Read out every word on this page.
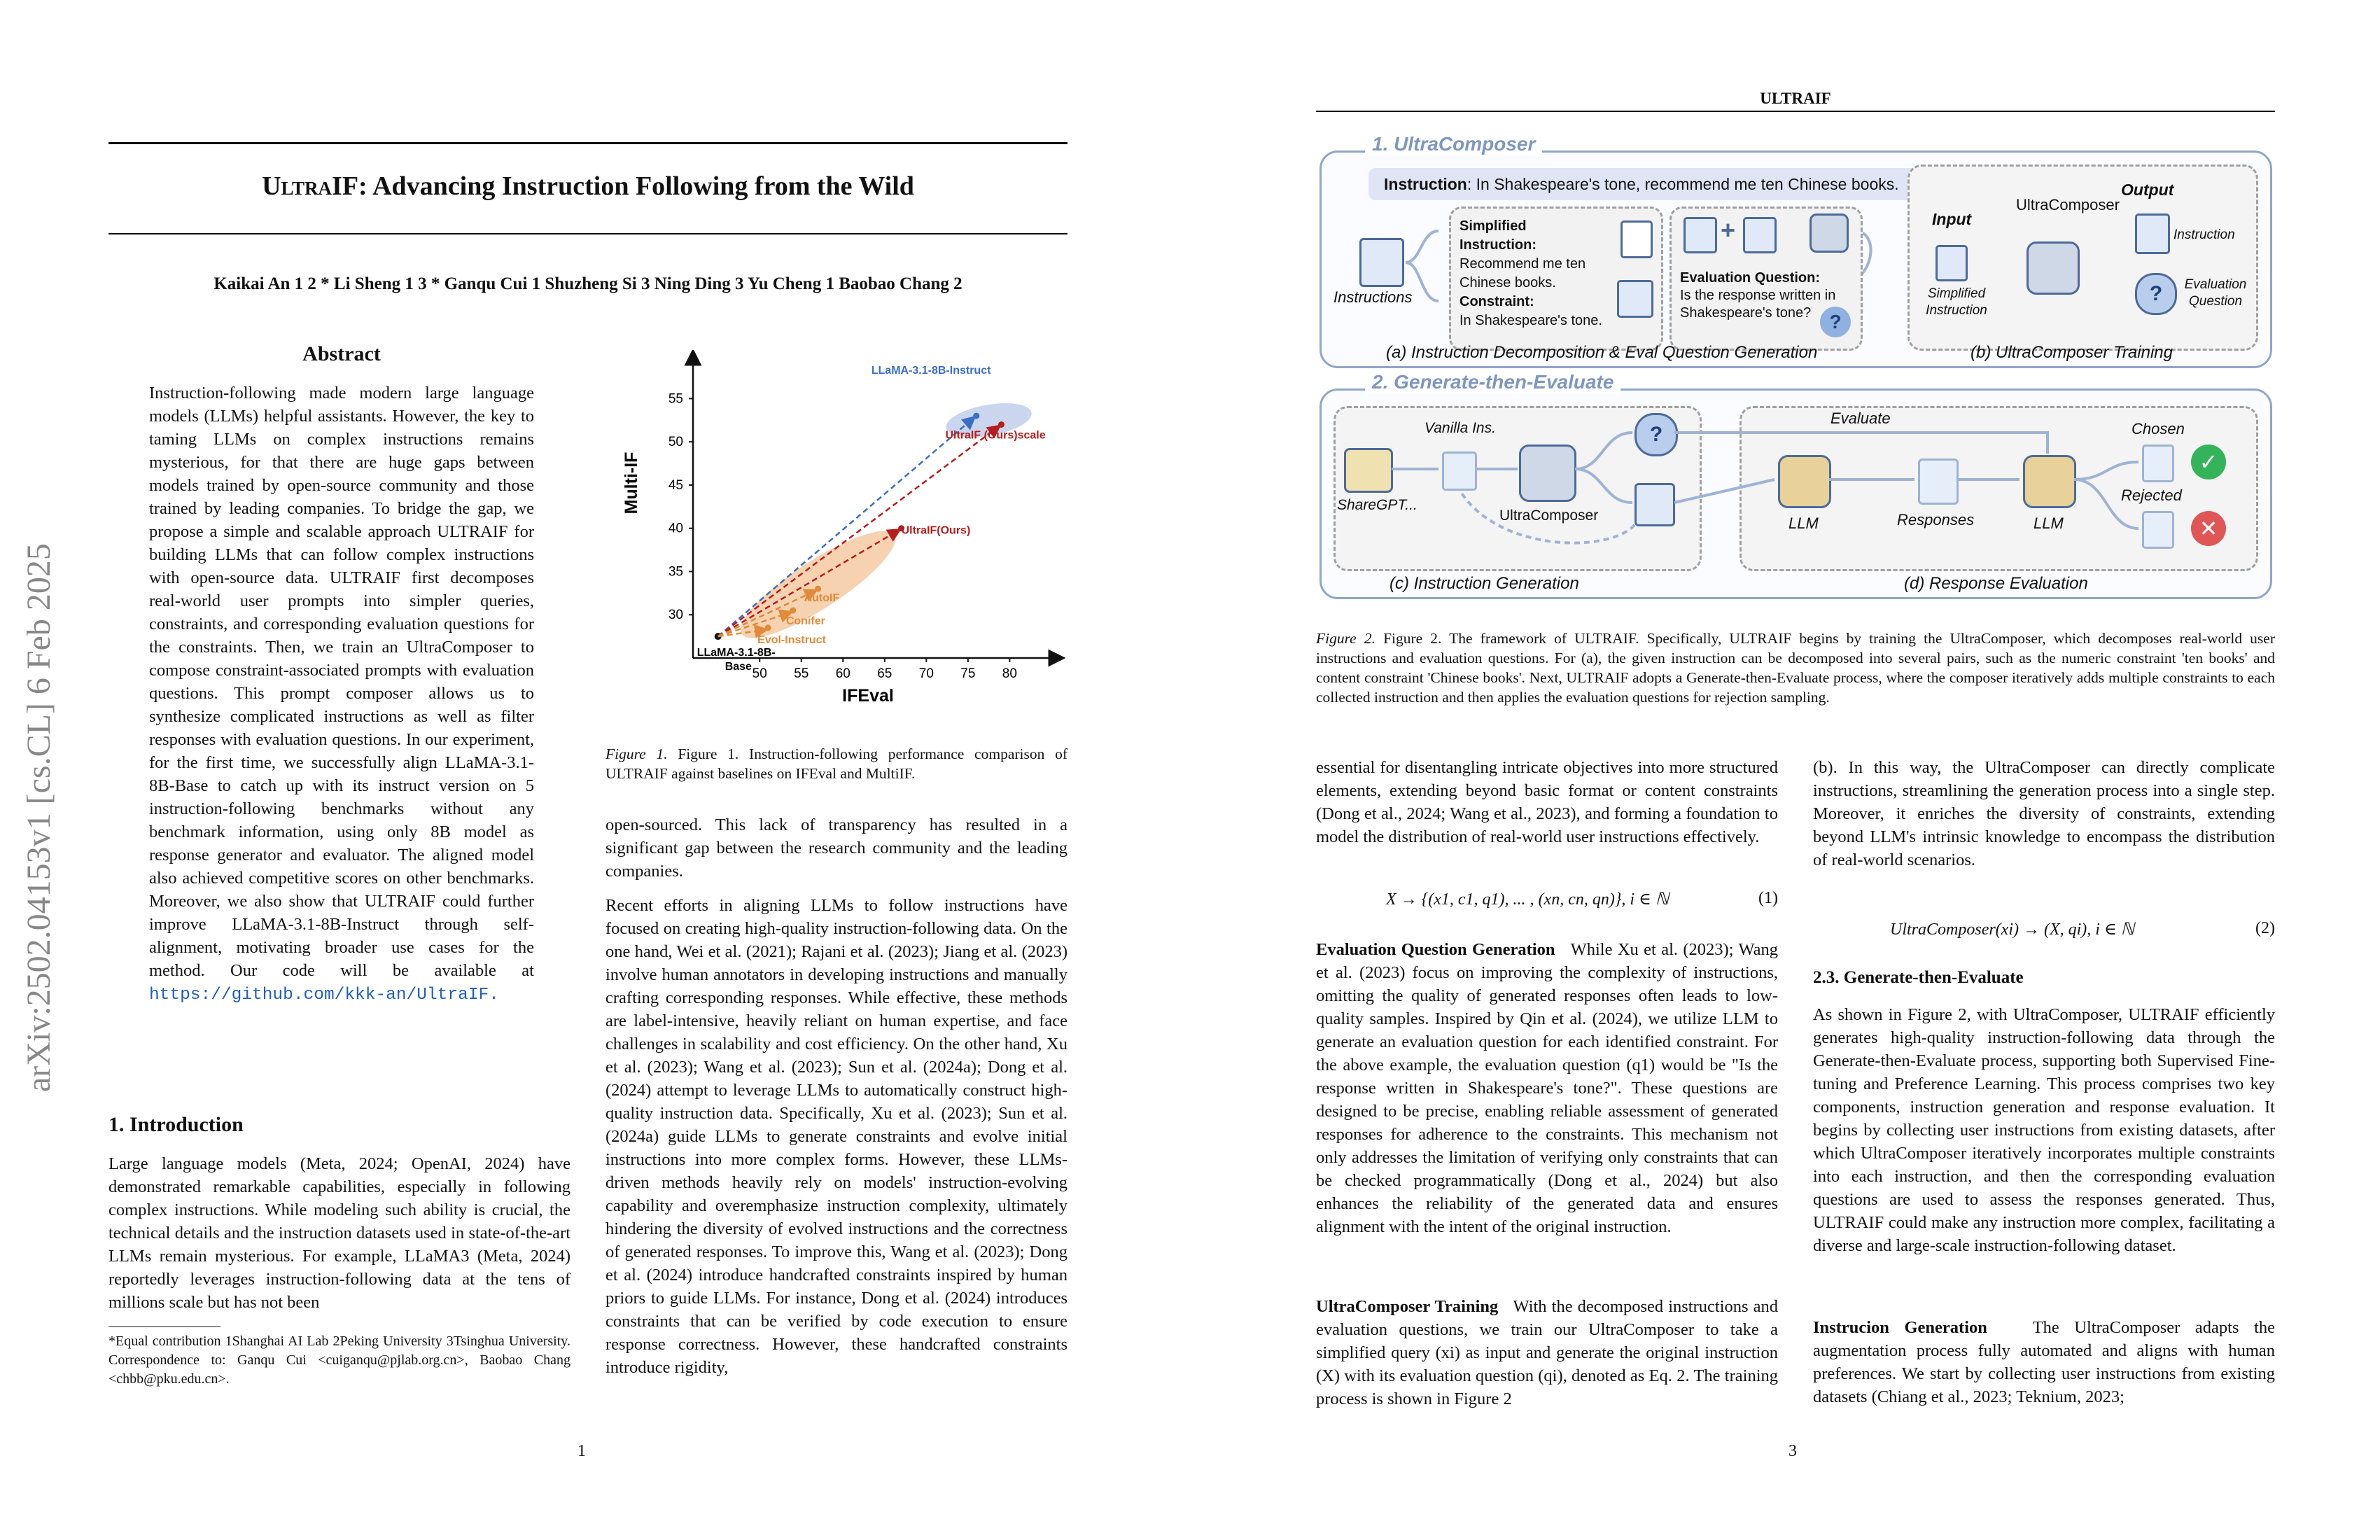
arXiv:2502.04153v1 [cs.CL] 6 Feb 2025
UltraIF: Advancing Instruction Following from the Wild
Kaikai An 1 2 * Li Sheng 1 3 * Ganqu Cui 1 Shuzheng Si 3 Ning Ding 3 Yu Cheng 1 Baobao Chang 2
Abstract

Instruction-following made modern large language models (LLMs) helpful assistants. However, the key to taming LLMs on complex instructions remains mysterious, for that there are huge gaps between models trained by open-source community and those trained by leading companies. To bridge the gap, we propose a simple and scalable approach ULTRAIF for building LLMs that can follow complex instructions with open-source data. ULTRAIF first decomposes real-world user prompts into simpler queries, constraints, and corresponding evaluation questions for the constraints. Then, we train an UltraComposer to compose constraint-associated prompts with evaluation questions. This prompt composer allows us to synthesize complicated instructions as well as filter responses with evaluation questions. In our experiment, for the first time, we successfully align LLaMA-3.1-8B-Base to catch up with its instruct version on 5 instruction-following benchmarks without any benchmark information, using only 8B model as response generator and evaluator. The aligned model also achieved competitive scores on other benchmarks. Moreover, we also show that ULTRAIF could further improve LLaMA-3.1-8B-Instruct through self-alignment, motivating broader use cases for the method. Our code will be available at https://github.com/kkk-an/UltraIF.

1. Introduction

Large language models (Meta, 2024; OpenAI, 2024) have demonstrated remarkable capabilities, especially in following complex instructions. While modeling such ability is crucial, the technical details and the instruction datasets used in state-of-the-art LLMs remain mysterious. For example, LLaMA3 (Meta, 2024) reportedly leverages instruction-following data at the tens of millions scale but has not been

*Equal contribution 1Shanghai AI Lab 2Peking University 3Tsinghua University. Correspondence to: Ganqu Cui <cuiganqu@pjlab.org.cn>, Baobao Chang <chbb@pku.edu.cn>.
1
50 55 60 65 70 75 80
30
35
40
45
50
55
IFEval
Multi-IF
LLaMA-3.1-8B-Base
LLaMA-3.1-8B-Instruct
UltraIF (Ours)scale
UltraIF(Ours)
AutoIF
Conifer
Evol-Instruct

Figure 1. Figure 1. Instruction-following performance comparison of ULTRAIF against baselines on IFEval and MultiIF.

open-sourced. This lack of transparency has resulted in a significant gap between the research community and the leading companies.

Recent efforts in aligning LLMs to follow instructions have focused on creating high-quality instruction-following data. On the one hand, Wei et al. (2021); Rajani et al. (2023); Jiang et al. (2023) involve human annotators in developing instructions and manually crafting corresponding responses. While effective, these methods are label-intensive, heavily reliant on human expertise, and face challenges in scalability and cost efficiency. On the other hand, Xu et al. (2023); Wang et al. (2023); Sun et al. (2024a); Dong et al. (2024) attempt to leverage LLMs to automatically construct high-quality instruction data. Specifically, Xu et al. (2023); Sun et al. (2024a) guide LLMs to generate constraints and evolve initial instructions into more complex forms. However, these LLMs-driven methods heavily rely on models' instruction-evolving capability and overemphasize instruction complexity, ultimately hindering the diversity of evolved instructions and the correctness of generated responses. To improve this, Wang et al. (2023); Dong et al. (2024) introduce handcrafted constraints inspired by human priors to guide LLMs. For instance, Dong et al. (2024) introduces constraints that can be verified by code execution to ensure response correctness. However, these handcrafted constraints introduce rigidity,

ULTRAIF
1. UltraComposer
Instruction: In Shakespeare's tone, recommend me ten Chinese books.
Instructions
Simplified Instruction:
Recommend me ten Chinese books.
Constraint:
In Shakespeare's tone.
+
Evaluation Question:
Is the response written in Shakespeare's tone? ?
Input
UltraComposer
Output
Simplified Instruction
Instruction
?	Evaluation Question
(a) Instruction Decomposition & Eval Question Generation	(b) UltraComposer Training
2. Generate-then-Evaluate
ShareGPT...
Vanilla Ins.
UltraComposer
?
Evaluate
LLM	Responses	LLM
Chosen
✓
Rejected
✕
(c) Instruction Generation	(d) Response Evaluation

Figure 2. Figure 2. The framework of ULTRAIF. Specifically, ULTRAIF begins by training the UltraComposer, which decomposes real-world user instructions and evaluation questions. For (a), the given instruction can be decomposed into several pairs, such as the numeric constraint 'ten books' and content constraint 'Chinese books'. Next, ULTRAIF adopts a Generate-then-Evaluate process, where the composer iteratively adds multiple constraints to each collected instruction and then applies the evaluation questions for rejection sampling.

essential for disentangling intricate objectives into more structured elements, extending beyond basic format or content constraints (Dong et al., 2024; Wang et al., 2023), and forming a foundation to model the distribution of real-world user instructions effectively.

X → {(x1, c1, q1), ... , (xn, cn, qn)}, i ∈ ℕ	(1)

Evaluation Question Generation While Xu et al. (2023); Wang et al. (2023) focus on improving the complexity of instructions, omitting the quality of generated responses often leads to low-quality samples. Inspired by Qin et al. (2024), we utilize LLM to generate an evaluation question for each identified constraint. For the above example, the evaluation question (q1) would be "Is the response written in Shakespeare's tone?". These questions are designed to be precise, enabling reliable assessment of generated responses for adherence to the constraints. This mechanism not only addresses the limitation of verifying only constraints that can be checked programmatically (Dong et al., 2024) but also enhances the reliability of the generated data and ensures alignment with the intent of the original instruction.

UltraComposer Training With the decomposed instructions and evaluation questions, we train our UltraComposer to take a simplified query (xi) as input and generate the original instruction (X) with its evaluation question (qi), denoted as Eq. 2. The training process is shown in Figure 2

(b). In this way, the UltraComposer can directly complicate instructions, streamlining the generation process into a single step. Moreover, it enriches the diversity of constraints, extending beyond LLM's intrinsic knowledge to encompass the distribution of real-world scenarios.

UltraComposer(xi) → (X, qi), i ∈ ℕ	(2)
2.3. Generate-then-Evaluate

As shown in Figure 2, with UltraComposer, ULTRAIF efficiently generates high-quality instruction-following data through the Generate-then-Evaluate process, supporting both Supervised Fine-tuning and Preference Learning. This process comprises two key components, instruction generation and response evaluation. It begins by collecting user instructions from existing datasets, after which UltraComposer iteratively incorporates multiple constraints into each instruction, and then the corresponding evaluation questions are used to assess the responses generated. Thus, ULTRAIF could make any instruction more complex, facilitating a diverse and large-scale instruction-following dataset.

Instrucion Generation	The UltraComposer adapts the augmentation process fully automated and aligns with human preferences. We start by collecting user instructions from existing datasets (Chiang et al., 2023; Teknium, 2023;

3
